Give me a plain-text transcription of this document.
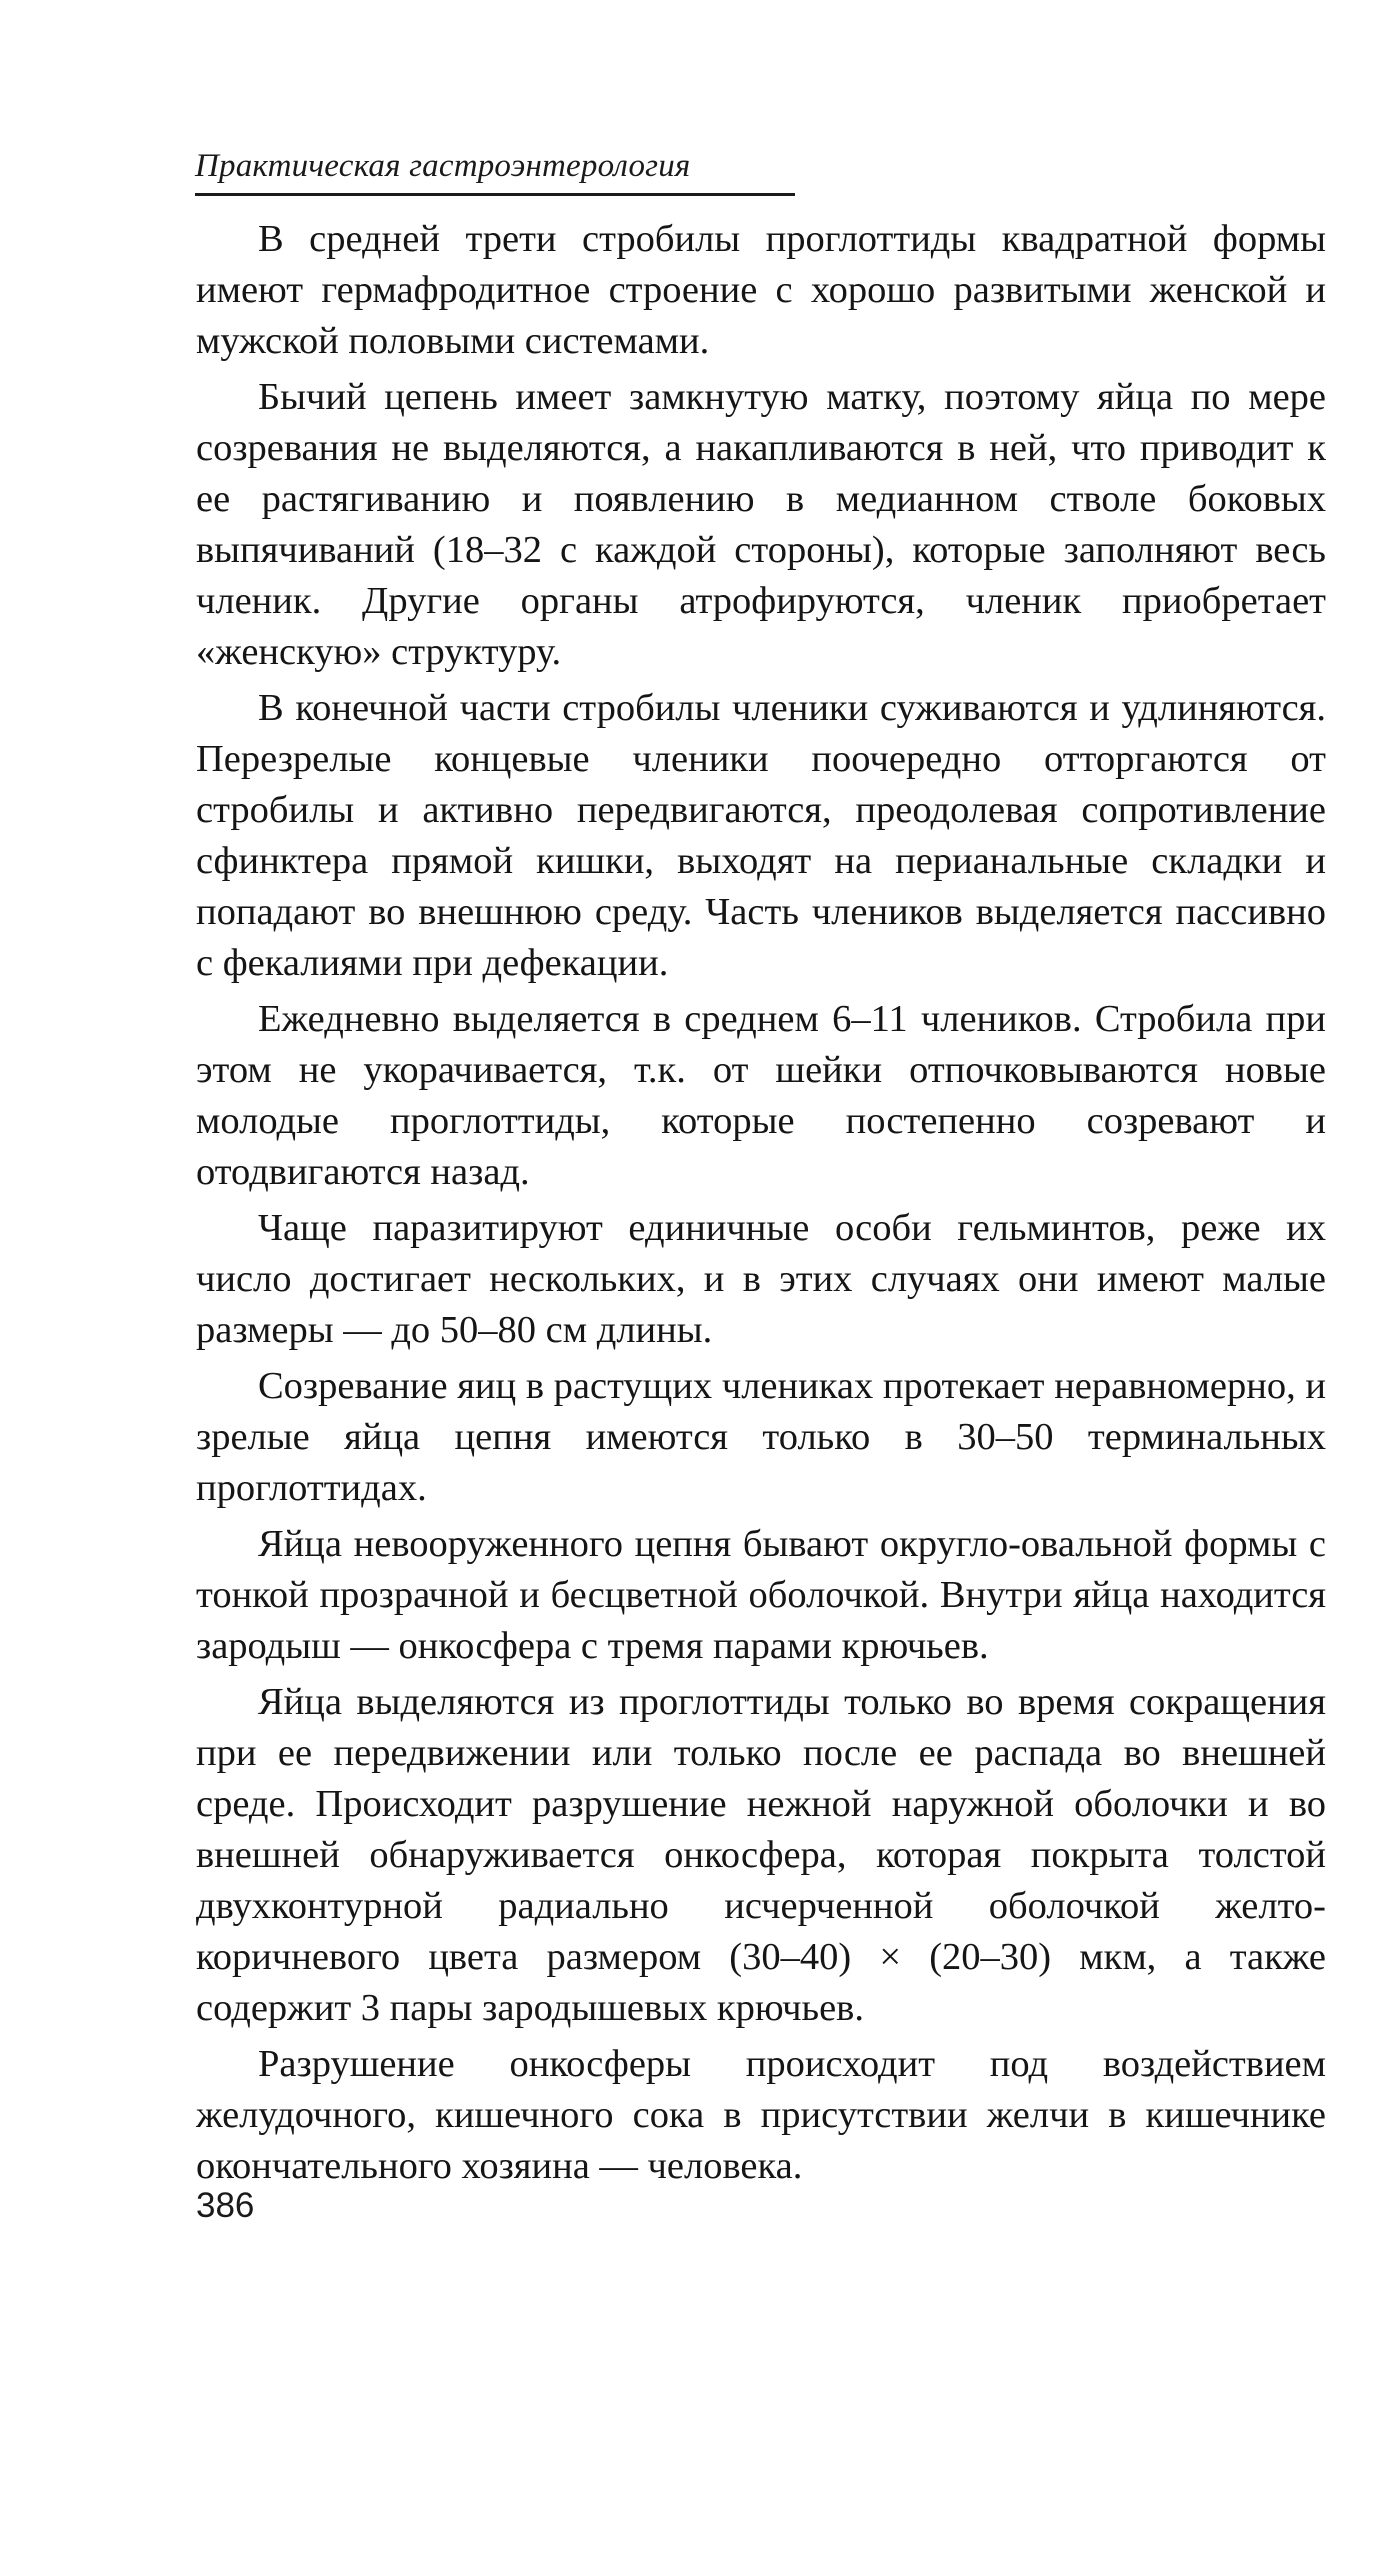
Практическая гастроэнтерология

В средней трети стробилы проглоттиды квадратной формы имеют гермафродитное строение с хорошо развитыми женской и мужской половыми системами.

Бычий цепень имеет замкнутую матку, поэтому яйца по мере созревания не выделяются, а накапливаются в ней, что приводит к ее растягиванию и появлению в медианном стволе боковых выпячиваний (18–32 с каждой стороны), которые заполняют весь членик. Другие органы атрофируются, членик приобретает «женскую» структуру.

В конечной части стробилы членики суживаются и удлиняются. Перезрелые концевые членики поочередно отторгаются от стробилы и активно передвигаются, преодолевая сопротивление сфинктера прямой кишки, выходят на перианальные складки и попадают во внешнюю среду. Часть члеников выделяется пассивно с фекалиями при дефекации.

Ежедневно выделяется в среднем 6–11 члеников. Стробила при этом не укорачивается, т.к. от шейки отпочковываются новые молодые проглоттиды, которые постепенно созревают и отодвигаются назад.

Чаще паразитируют единичные особи гельминтов, реже их число достигает нескольких, и в этих случаях они имеют малые размеры — до 50–80 см длины.

Созревание яиц в растущих члениках протекает неравномерно, и зрелые яйца цепня имеются только в 30–50 терминальных проглоттидах.

Яйца невооруженного цепня бывают округло-овальной формы с тонкой прозрачной и бесцветной оболочкой. Внутри яйца находится зародыш — онкосфера с тремя парами крючьев.

Яйца выделяются из проглоттиды только во время сокращения при ее передвижении или только после ее распада во внешней среде. Происходит разрушение нежной наружной оболочки и во внешней обнаруживается онкосфера, которая покрыта толстой двухконтурной радиально исчерченной оболочкой желто-коричневого цвета размером (30–40) × (20–30) мкм, а также содержит 3 пары зародышевых крючьев.

Разрушение онкосферы происходит под воздействием желудочного, кишечного сока в присутствии желчи в кишечнике окончательного хозяина — человека.

386
